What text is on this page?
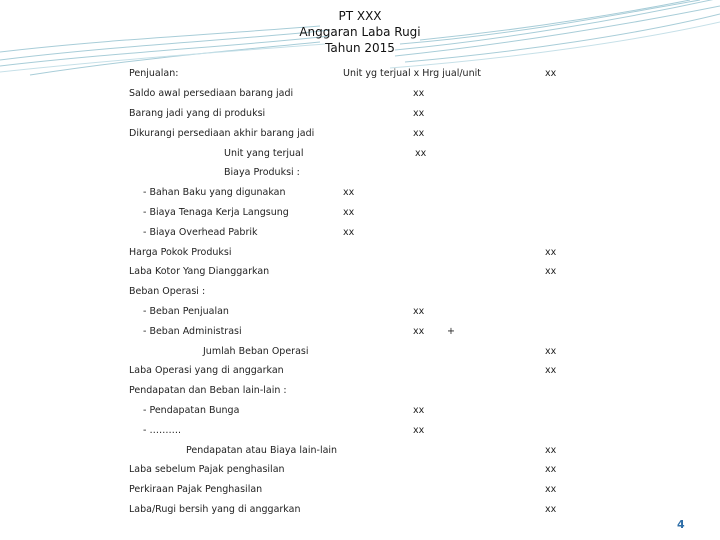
PT XXX
Anggaran Laba Rugi
Tahun 2015
Penjualan:	Unit yg terjual x Hrg jual/unit	xx
Saldo awal persediaan barang jadi	xx
Barang jadi yang di produksi	xx
Dikurangi persediaan akhir barang jadi	xx
Unit yang terjual	xx
Biaya Produksi :
- Bahan Baku yang digunakan	xx
- Biaya Tenaga Kerja Langsung	xx
- Biaya Overhead Pabrik	xx
Harga Pokok Produksi	xx
Laba Kotor Yang Dianggarkan	xx
Beban Operasi :
- Beban Penjualan	xx
- Beban Administrasi	xx +
Jumlah Beban Operasi	xx
Laba Operasi yang di anggarkan	xx
Pendapatan dan Beban lain-lain :
- Pendapatan Bunga	xx
- ……….	xx
Pendapatan atau Biaya lain-lain	xx
Laba sebelum Pajak penghasilan	xx
Perkiraan Pajak Penghasilan	xx
Laba/Rugi bersih yang di anggarkan	xx
4
